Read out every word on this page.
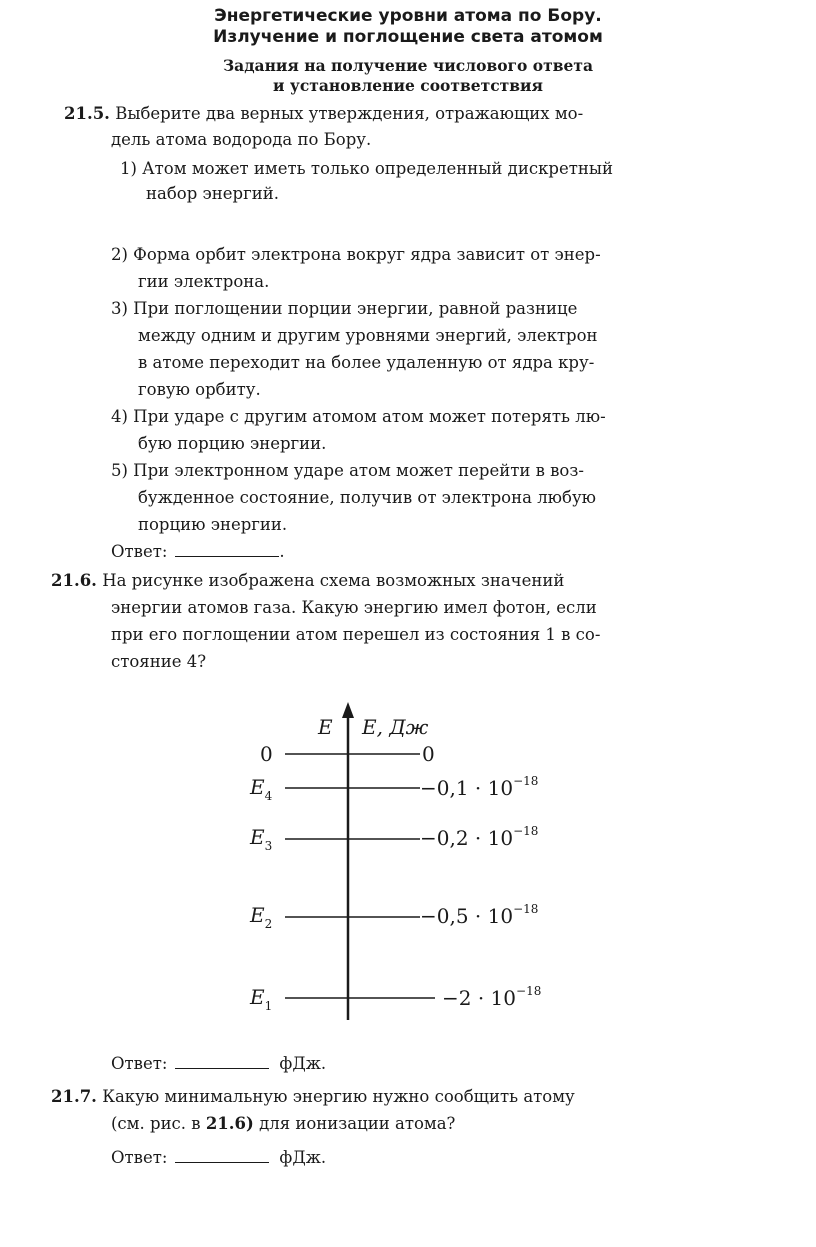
Энергетические уровни атома по Бору.
Излучение и поглощение света атомом
Задания на получение числового ответа
и установление соответствия
21.5. Выберите два верных утверждения, отражающих мо-
дель атома водорода по Бору.
1) Атом может иметь только определенный дискретный
набор энергий.
2) Форма орбит электрона вокруг ядра зависит от энер-
гии электрона.
3) При поглощении порции энергии, равной разнице
между одним и другим уровнями энергий, электрон
в атоме переходит на более удаленную от ядра кру-
говую орбиту.
4) При ударе с другим атомом атом может потерять лю-
бую порцию энергии.
5) При электронном ударе атом может перейти в воз-
бужденное состояние, получив от электрона любую
порцию энергии.
Ответ:	.
21.6. На рисунке изображена схема возможных значений
энергии атомов газа. Какую энергию имел фотон, если
при его поглощении атом перешел из состояния 1 в со-
стояние 4?
E E, Дж
0	0
$E_4$	$-0,1 \cdot 10^{-18}$
$E_3$	$-0,2 \cdot 10^{-18}$
$E_2$	$-0,5 \cdot 10^{-18}$
$E_1$	$-2 \cdot 10^{-18}$
Ответ:	фДж.
21.7. Какую минимальную энергию нужно сообщить атому
(см. рис. в 21.6) для ионизации атома?
Ответ:	фДж.
